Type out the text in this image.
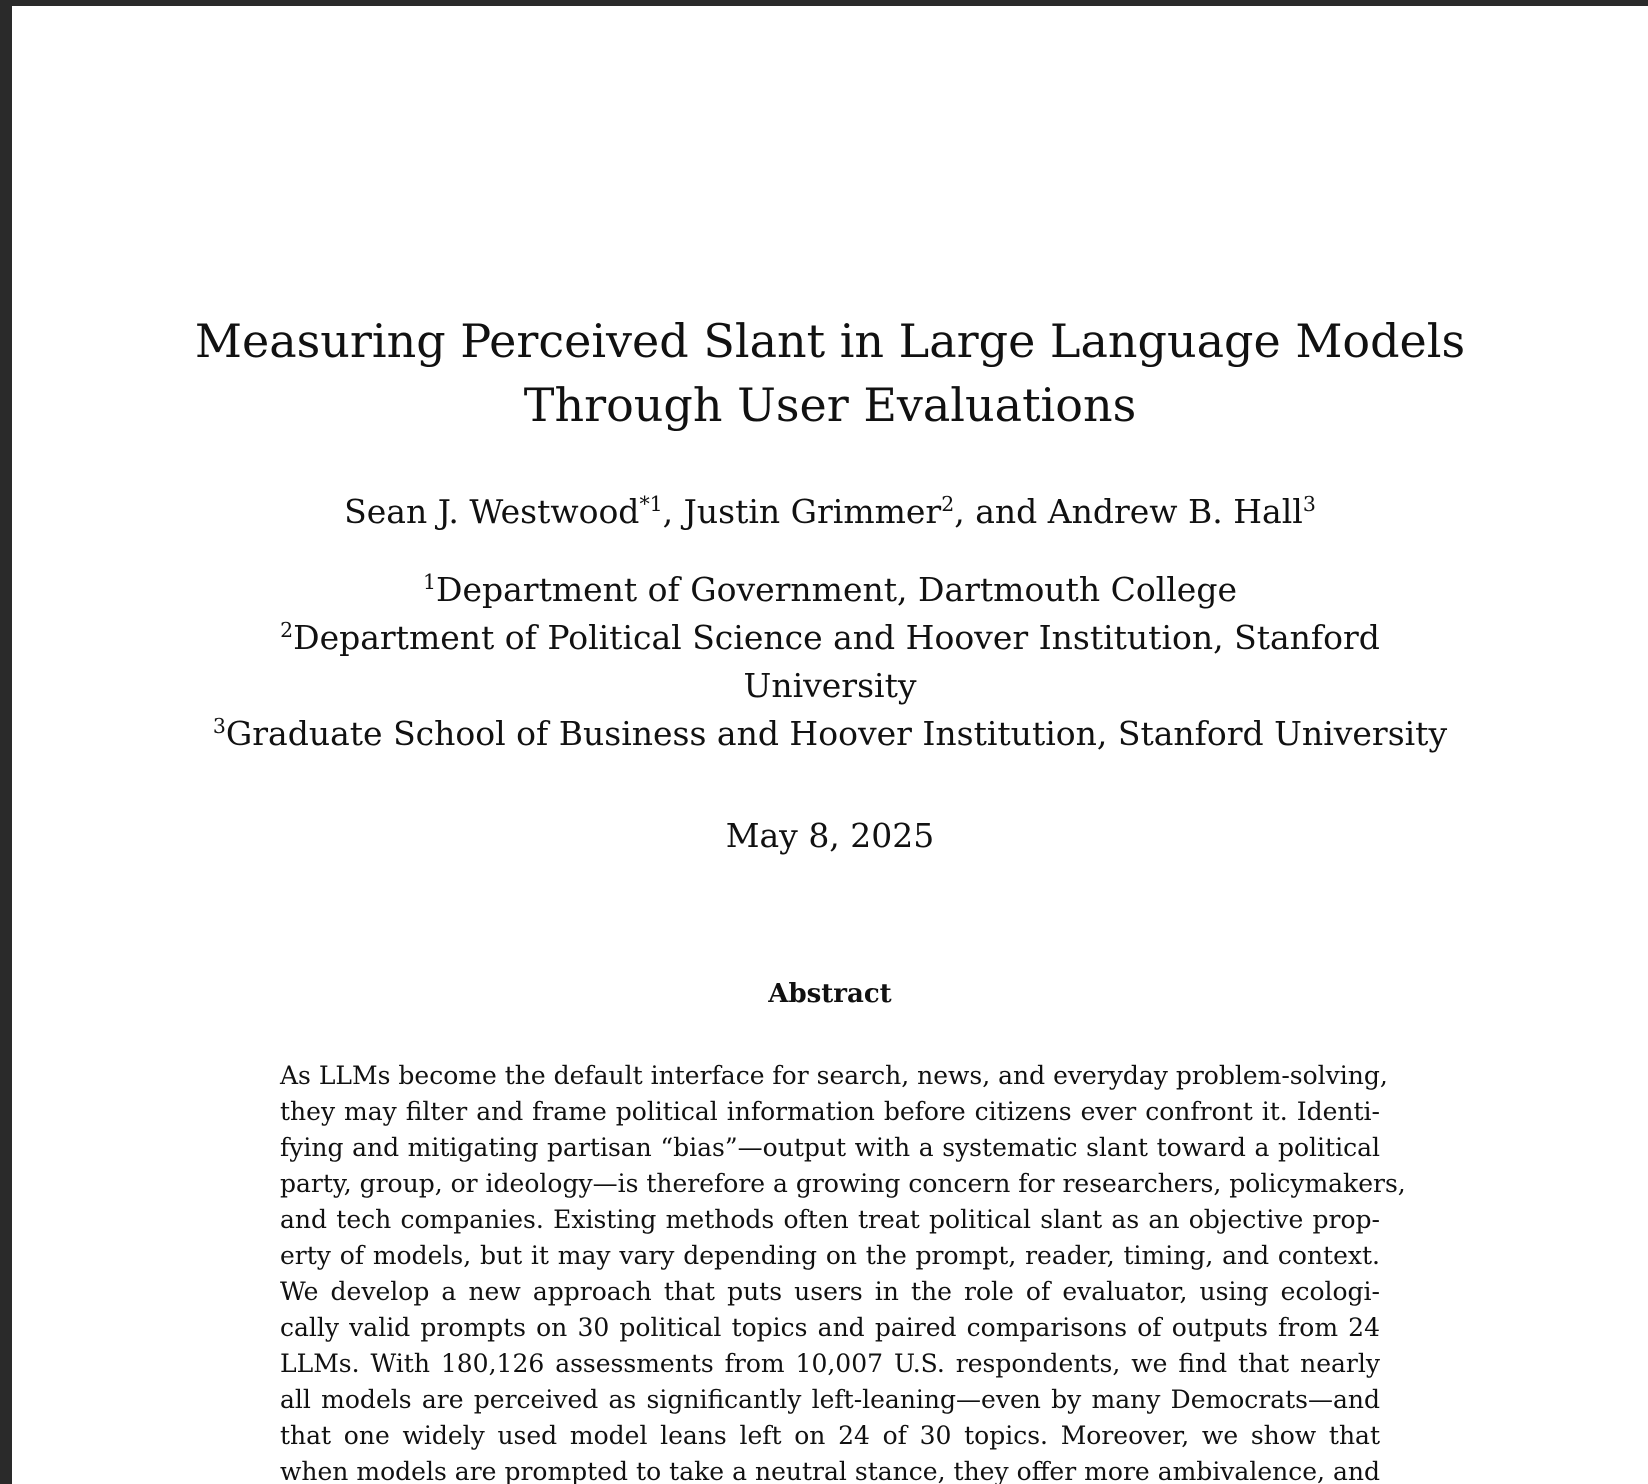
Measuring Perceived Slant in Large Language Models
Through User Evaluations
Sean J. Westwood$^{*1}$, Justin Grimmer$^2$, and Andrew B. Hall$^3$
$^1$Department of Government, Dartmouth College
$^2$Department of Political Science and Hoover Institution, Stanford
University
$^3$Graduate School of Business and Hoover Institution, Stanford University
May 8, 2025
Abstract
As LLMs become the default interface for search, news, and everyday problem-solving,
they may filter and frame political information before citizens ever confront it. Identi-
fying and mitigating partisan “bias”—output with a systematic slant toward a political
party, group, or ideology—is therefore a growing concern for researchers, policymakers,
and tech companies. Existing methods often treat political slant as an objective prop-
erty of models, but it may vary depending on the prompt, reader, timing, and context.
We develop a new approach that puts users in the role of evaluator, using ecologi-
cally valid prompts on 30 political topics and paired comparisons of outputs from 24
LLMs. With 180,126 assessments from 10,007 U.S. respondents, we find that nearly
all models are perceived as significantly left-leaning—even by many Democrats—and
that one widely used model leans left on 24 of 30 topics. Moreover, we show that
when models are prompted to take a neutral stance, they offer more ambivalence, and
